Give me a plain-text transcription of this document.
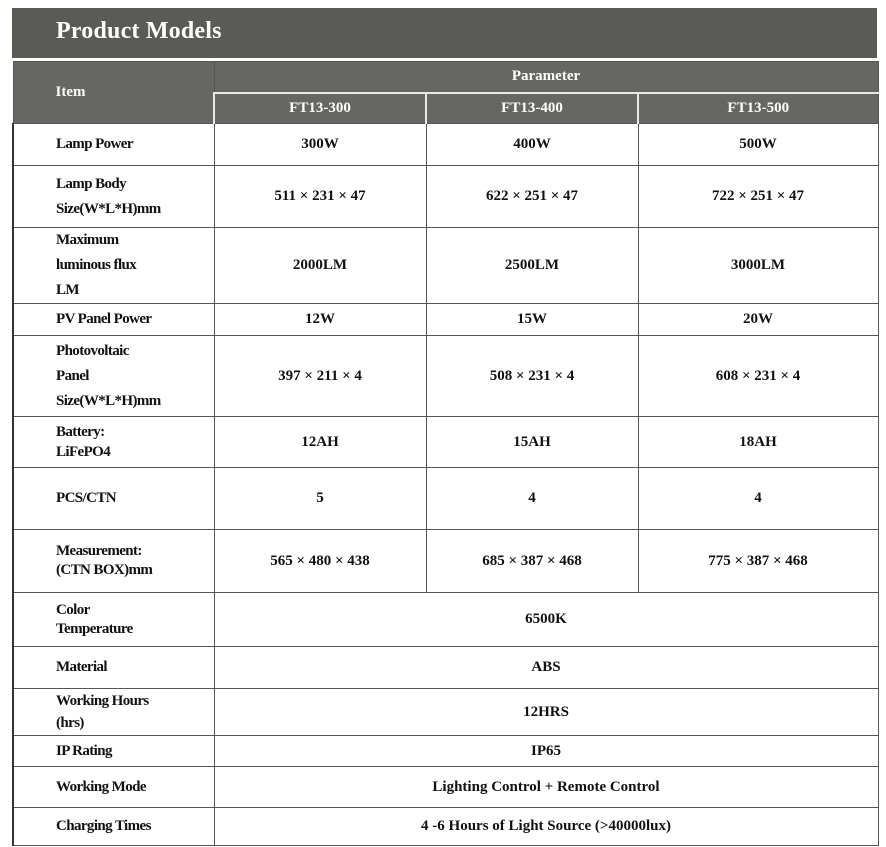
Product Models
Item	Parameter		
	FT13-300	FT13-400	FT13-500

Lamp Power	300W	400W	500W

Lamp Body
Size(W*L*H)mm	511 × 231 × 47	622 × 251 × 47	722 × 251 × 47

Maximum
luminous flux
LM	2000LM	2500LM	3000LM

PV Panel Power	12W	15W	20W

Photovoltaic
Panel
Size(W*L*H)mm	397 × 211 × 4	508 × 231 × 4	608 × 231 × 4

Battery:
LiFePO4	12AH	15AH	18AH

PCS/CTN	5	4	4

Measurement:
(CTN BOX)mm	565 × 480 × 438	685 × 387 × 468	775 × 387 × 468

Color
Temperature	6500K		

Material	ABS		

Working Hours
(hrs)	12HRS		

IP Rating	IP65		

Working Mode	Lighting Control + Remote Control		

Charging Times	4 -6 Hours of Light Source (>40000lux)		
